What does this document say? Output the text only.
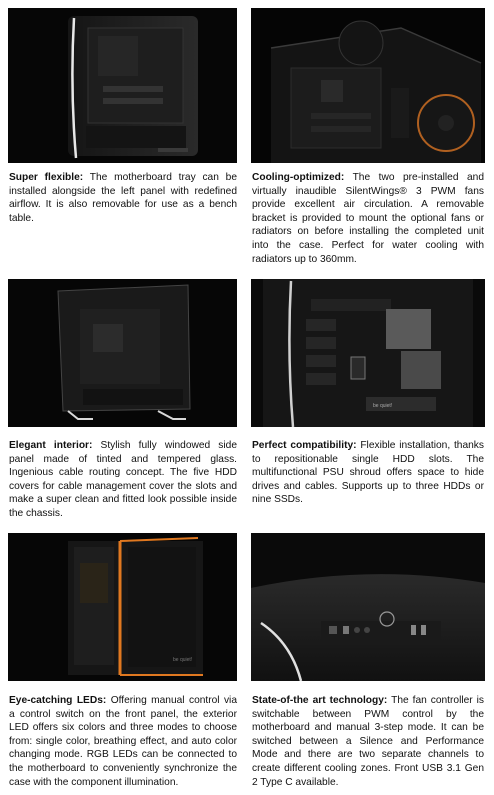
Super flexible: The motherboard tray can be installed alongside the left panel with redefined airflow. It is also removable for use as a bench table.
Cooling-optimized: The two pre-installed and virtually inaudible SilentWings® 3 PWM fans provide excellent air circulation. A removable bracket is provided to mount the optional fans or radiators on before installing the completed unit into the case. Perfect for water cooling with radiators up to 360mm.
Elegant interior: Stylish fully windowed side panel made of tinted and tempered glass. Ingenious cable routing concept. The five HDD covers for cable management cover the slots and make a super clean and fitted look possible inside the chassis.
be quiet!
Perfect compatibility: Flexible installation, thanks to repositionable single HDD slots. The multifunctional PSU shroud offers space to hide drives and cables. Supports up to three HDDs or nine SSDs.
be quiet!
Eye-catching LEDs: Offering manual control via a control switch on the front panel, the exterior LED offers six colors and three modes to choose from: single color, breathing effect, and auto color changing mode. RGB LEDs can be connected to the motherboard to conveniently synchronize the case with the component illumination.
State-of-the art technology: The fan controller is switchable between PWM control by the motherboard and manual 3-step mode. It can be switched between a Silence and Performance Mode and there are two separate channels to create different cooling zones. Front USB 3.1 Gen 2 Type C available.
